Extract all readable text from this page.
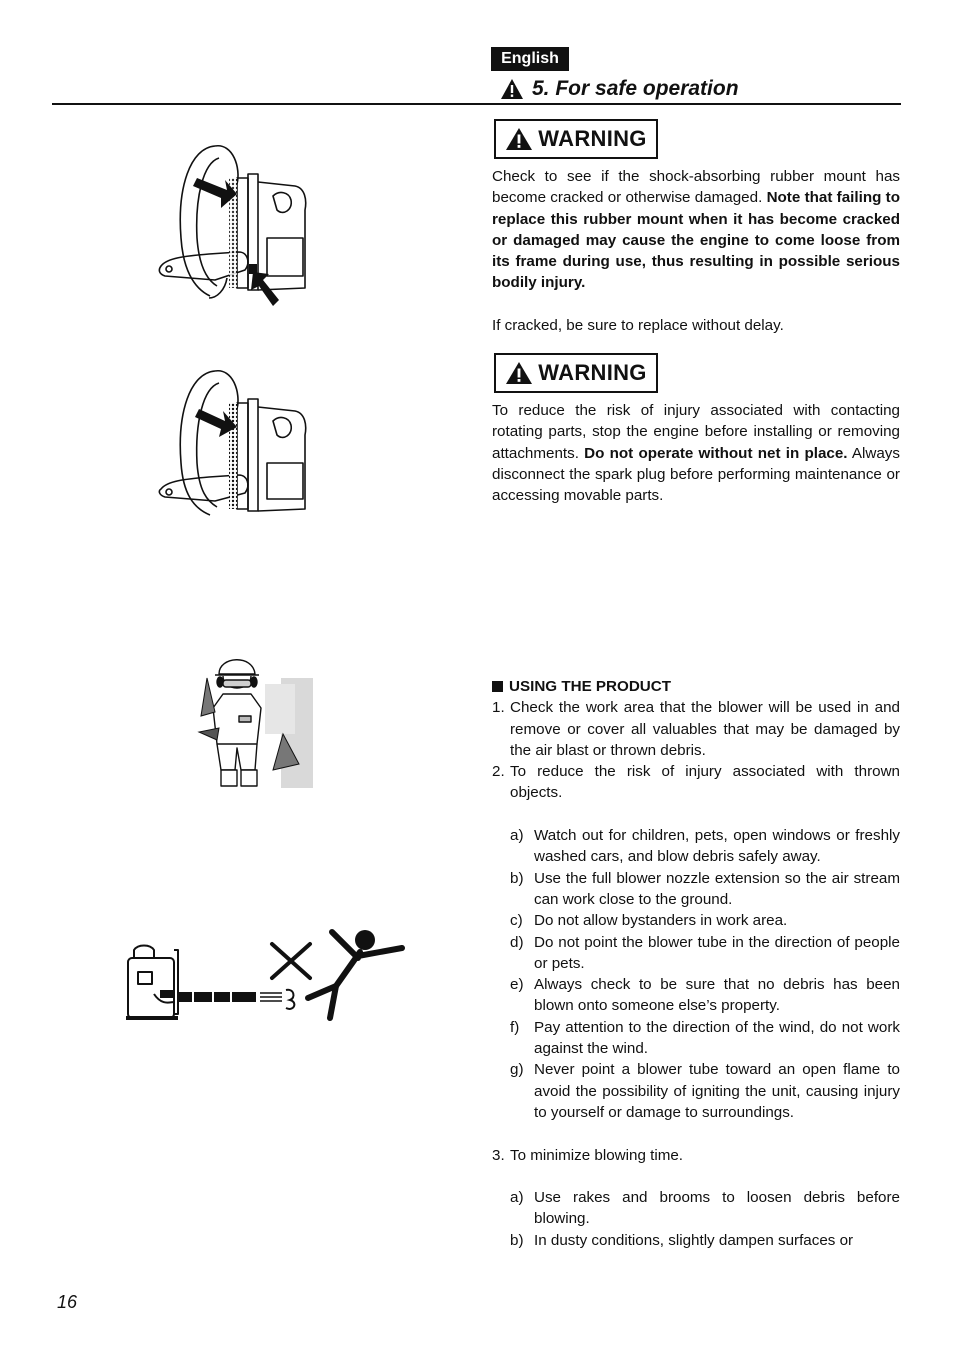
English
5. For safe operation
WARNING
Check to see if the shock-absorbing rubber mount has become cracked or otherwise damaged. Note that failing to replace this rubber mount when it has become cracked or damaged may cause the engine to come loose from its frame during use, thus resulting in possible serious bodily injury.
If cracked, be sure to replace without delay.
WARNING
To reduce the risk of injury associated with contacting rotating parts, stop the engine before installing or removing attachments. Do not operate without net in place. Always disconnect the spark plug before performing maintenance or accessing movable parts.
USING THE PRODUCT
1. Check the work area that the blower will be used in and remove or cover all valuables that may be damaged by the air blast or thrown debris.
2. To reduce the risk of injury associated with thrown objects.
a) Watch out for children, pets, open windows or freshly washed cars, and blow debris safely away.
b) Use the full blower nozzle extension so the air stream can work close to the ground.
c) Do not allow bystanders in work area.
d) Do not point the blower tube in the direction of people or pets.
e) Always check to be sure that no debris has been blown onto someone else’s property.
f) Pay attention to the direction of the wind, do not work against the wind.
g) Never point a blower tube toward an open flame to avoid the possibility of igniting the unit, causing injury to yourself or damage to surroundings.
3. To minimize blowing time.
a) Use rakes and brooms to loosen debris before blowing.
b) In dusty conditions, slightly dampen surfaces or
16
